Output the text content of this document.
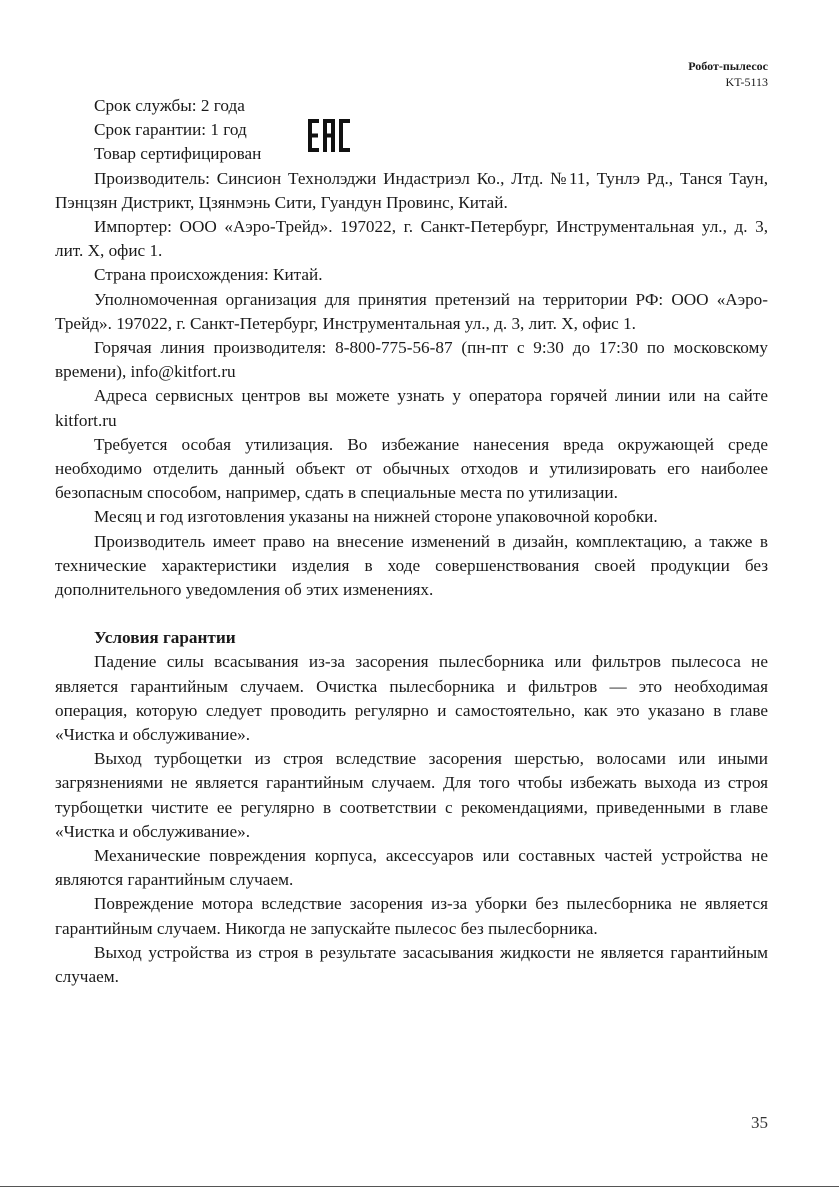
Робот-пылесос
KT-5113
Срок службы: 2 года
Срок гарантии: 1 год
Товар сертифицирован

Производитель: Синсион Технолэджи Индастриэл Ко., Лтд. №11, Тунлэ Рд., Танся Таун, Пэнцзян Дистрикт, Цзянмэнь Сити, Гуандун Провинс, Китай.

Импортер: ООО «Аэро-Трейд». 197022, г. Санкт-Петербург, Инструментальная ул., д. 3, лит. Х, офис 1.

Страна происхождения: Китай.

Уполномоченная организация для принятия претензий на территории РФ: ООО «Аэро-Трейд». 197022, г. Санкт-Петербург, Инструментальная ул., д. 3, лит. Х, офис 1.

Горячая линия производителя: 8-800-775-56-87 (пн-пт с 9:30 до 17:30 по московскому времени), info@kitfort.ru

Адреса сервисных центров вы можете узнать у оператора горячей линии или на сайте kitfort.ru

Требуется особая утилизация. Во избежание нанесения вреда окружающей среде необходимо отделить данный объект от обычных отходов и утилизировать его наиболее безопасным способом, например, сдать в специальные места по утилизации.

Месяц и год изготовления указаны на нижней стороне упаковочной коробки.

Производитель имеет право на внесение изменений в дизайн, комплектацию, а также в технические характеристики изделия в ходе совершенствования своей продукции без дополнительного уведомления об этих изменениях.

Условия гарантии

Падение силы всасывания из-за засорения пылесборника или фильтров пылесоса не является гарантийным случаем. Очистка пылесборника и фильтров — это необходимая операция, которую следует проводить регулярно и самостоятельно, как это указано в главе «Чистка и обслуживание».

Выход турбощетки из строя вследствие засорения шерстью, волосами или иными загрязнениями не является гарантийным случаем. Для того чтобы избежать выхода из строя турбощетки чистите ее регулярно в соответствии с рекомендациями, приведенными в главе «Чистка и обслуживание».

Механические повреждения корпуса, аксессуаров или составных частей устройства не являются гарантийным случаем.

Повреждение мотора вследствие засорения из-за уборки без пылесборника не является гарантийным случаем. Никогда не запускайте пылесос без пылесборника.

Выход устройства из строя в результате засасывания жидкости не является гарантийным случаем.

35
